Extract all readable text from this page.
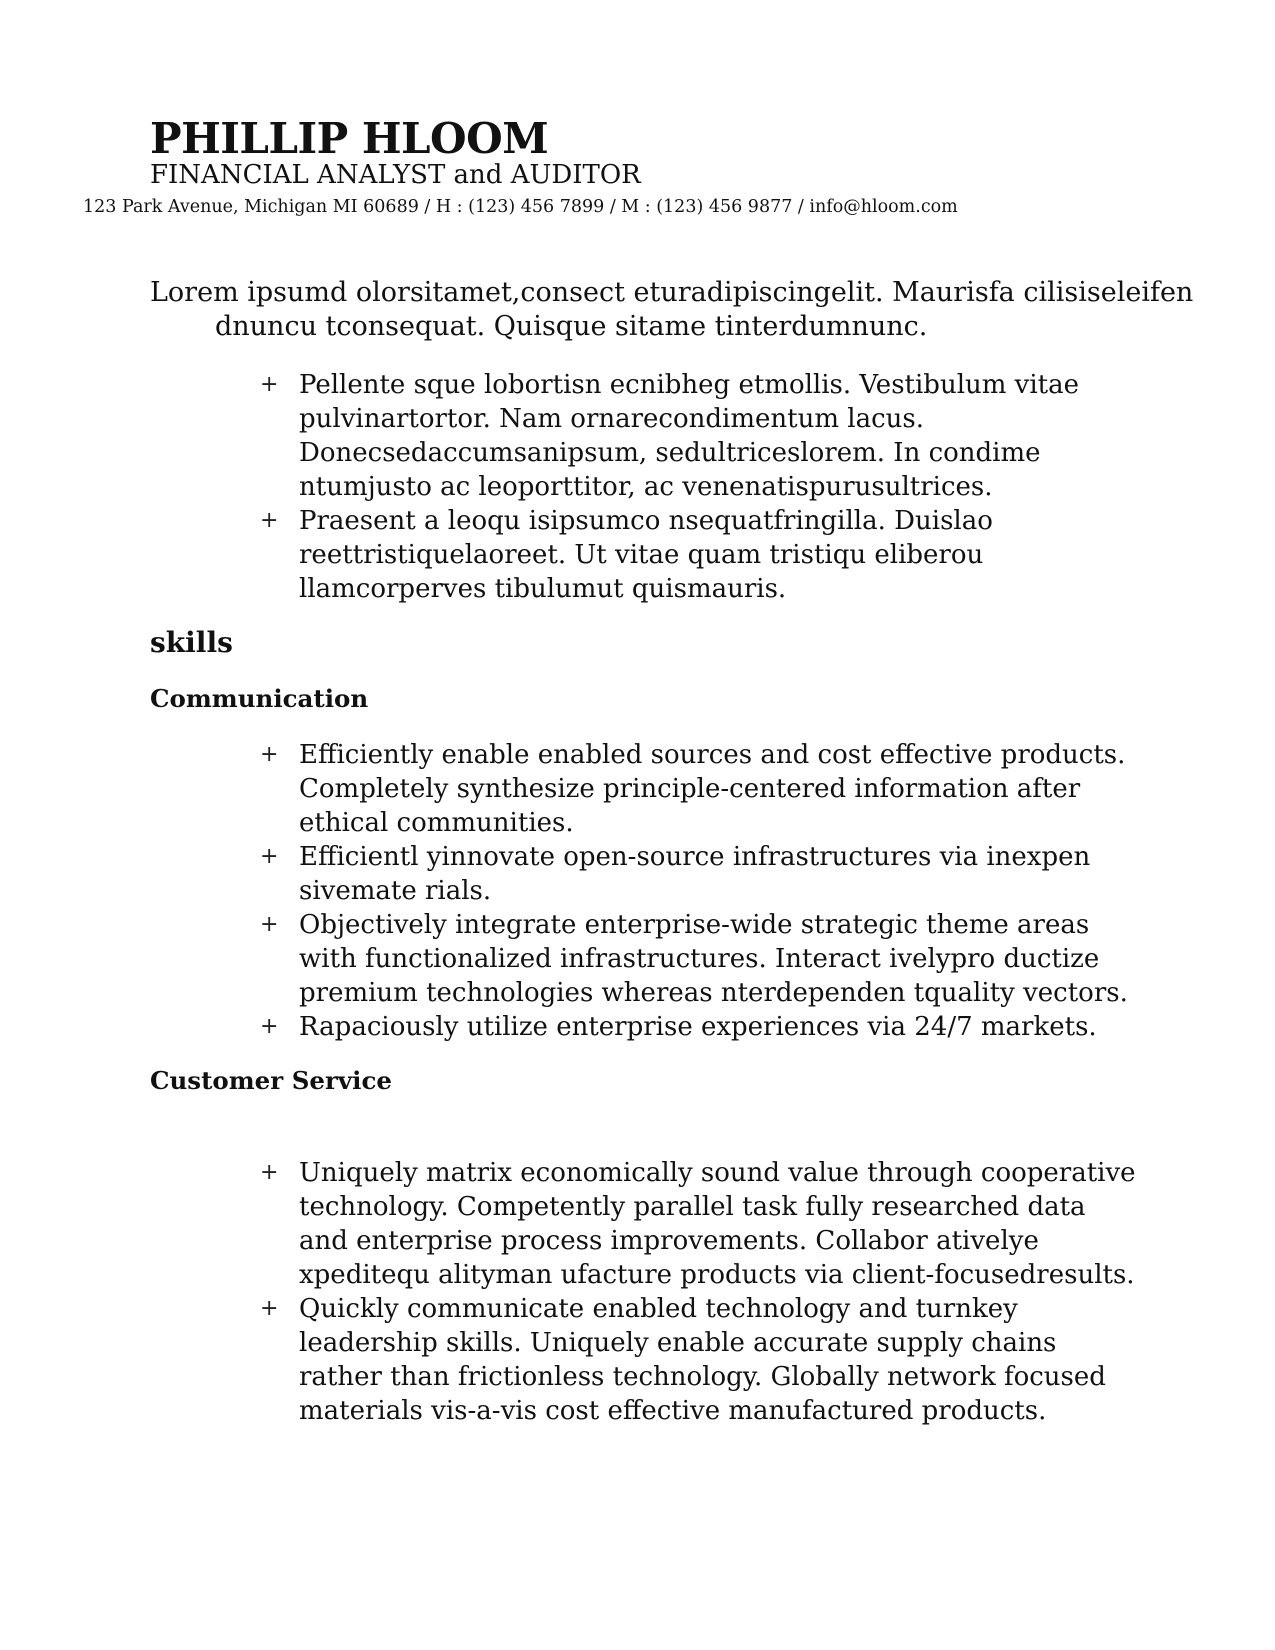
PHILLIP HLOOM
FINANCIAL ANALYST and AUDITOR

123 Park Avenue, Michigan MI 60689 / H : (123) 456 7899 / M : (123) 456 9877 / info@hloom.com

Lorem ipsumd olorsitamet,consect eturadipiscingelit. Maurisfa cilisiseleifen dnuncu tconsequat. Quisque sitame tinterdumnunc.

+ Pellente sque lobortisn ecnibheg etmollis. Vestibulum vitae pulvinartortor. Nam ornarecondimentum lacus. Donecsedaccumsanipsum, sedultriceslorem. In condime ntumjusto ac leoporttitor, ac venenatispurusultrices.
+ Praesent a leoqu isipsumco nsequatfringilla. Duislao reettristiquelaoreet. Ut vitae quam tristiqu eliberou llamcorperves tibulumut quismauris.
skills
Communication
+ Efficiently enable enabled sources and cost effective products. Completely synthesize principle-centered information after ethical communities.
+ Efficientl yinnovate open-source infrastructures via inexpen sivemate rials.
+ Objectively integrate enterprise-wide strategic theme areas with functionalized infrastructures. Interact ivelypro ductize premium technologies whereas nterdependen tquality vectors.
+ Rapaciously utilize enterprise experiences via 24/7 markets.
Customer Service
+ Uniquely matrix economically sound value through cooperative technology. Competently parallel task fully researched data and enterprise process improvements. Collabor ativelye xpeditequ alityman ufacture products via client-focusedresults.
+ Quickly communicate enabled technology and turnkey leadership skills. Uniquely enable accurate supply chains rather than frictionless technology. Globally network focused materials vis-a-vis cost effective manufactured products.
